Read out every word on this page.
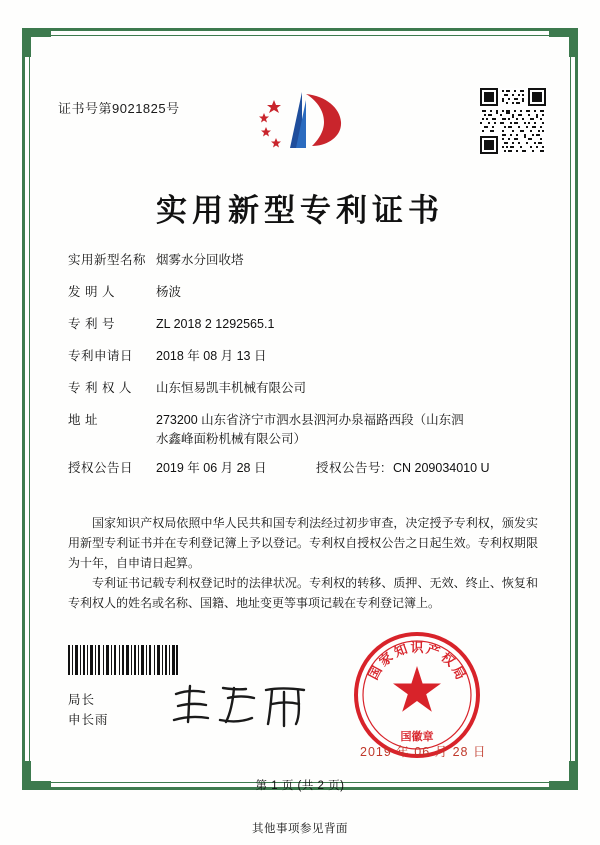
证书号第9021825号
实用新型专利证书
实用新型名称 烟雾水分回收塔
发 明 人	杨波
专 利 号	ZL 2018 2 1292565.1
专利申请日	2018 年 08 月 13 日
专 利 权 人	山东恒易凯丰机械有限公司
地 址	273200 山东省济宁市泗水县泗河办泉福路西段（山东泗
水鑫峰面粉机械有限公司）
授权公告日	2019 年 06 月 28 日	授权公告号: CN 209034010 U
国家知识产权局依照中华人民共和国专利法经过初步审查，决定授予专利权，颁发实用新型专利证书并在专利登记簿上予以登记。专利权自授权公告之日起生效。专利权期限为十年，自申请日起算。
专利证书记载专利权登记时的法律状况。专利权的转移、质押、无效、终止、恢复和专利权人的姓名或名称、国籍、地址变更等事项记载在专利登记簿上。
局长
申长雨
国
家
知 识 产
权
局
国徽章
2019 年 06 月 28 日
第 1 页 (共 2 页)
其他事项参见背面
